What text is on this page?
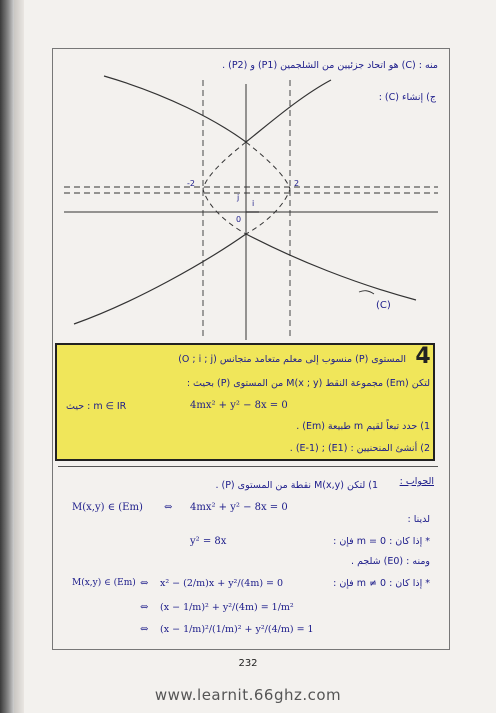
منه : (C) هو اتحاد جزئيين من الشلجمين (P1) و (P2) .
ج) إنشاء (C) :
-2	2
0
j
i
(C)
4
المستوى (P) منسوب إلى معلم متعامد متجانس (O ; i ; j)
لتكن (Em) مجموعة النقط M(x ; y) من المستوى (P) بحيث :
4mx² + y² − 8x = 0
m ∈ IR : حيث
1) حدد تبعاً لقيم m طبيعة (Em) .
2) أنشئ المنحنيين : (E1) ; (E-1) .
الجواب :
1) لتكن M(x,y) نقطة من المستوى (P) .
M(x,y) ∈ (Em) ⇔ 4mx² + y² − 8x = 0
لدينا :
* إذا كان : m = 0 فإن :
y² = 8x
ومنه : (E0) شلجم .
* إذا كان : m ≠ 0 فإن :
M(x,y) ∈ (Em) ⇔ x² − (2/m)x + y²/(4m) = 0
⇔ (x − 1/m)² + y²/(4m) = 1/m²
⇔ (x − 1/m)²/(1/m)² + y²/(4/m) = 1
232
www.learnit.66ghz.com
